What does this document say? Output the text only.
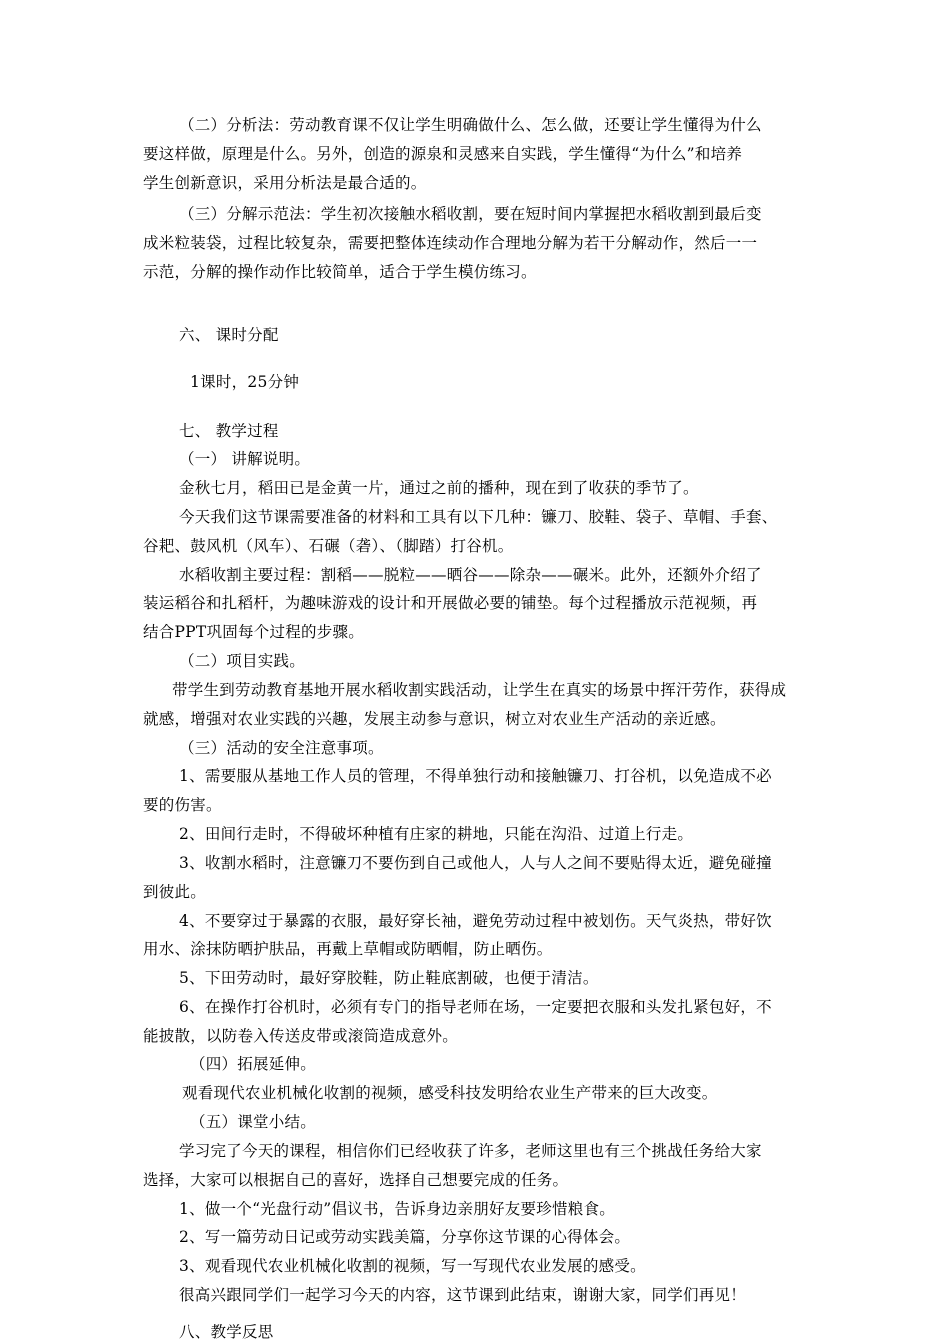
（二）分析法：劳动教育课不仅让学生明确做什么、怎么做，还要让学生懂得为什么
要这样做，原理是什么。另外，创造的源泉和灵感来自实践，学生懂得“为什么”和培养
学生创新意识，采用分析法是最合适的。
（三）分解示范法：学生初次接触水稻收割，要在短时间内掌握把水稻收割到最后变
成米粒装袋，过程比较复杂，需要把整体连续动作合理地分解为若干分解动作，然后一一
示范，分解的操作动作比较简单，适合于学生模仿练习。
六、 课时分配
1课时，25分钟
七、 教学过程
（一） 讲解说明。
金秋七月，稻田已是金黄一片，通过之前的播种，现在到了收获的季节了。
今天我们这节课需要准备的材料和工具有以下几种：镰刀、胶鞋、袋子、草帽、手套、
谷耙、鼓风机（风车）、石碾（砻）、（脚踏）打谷机。
水稻收割主要过程：割稻——脱粒——晒谷——除杂——碾米。此外，还额外介绍了
装运稻谷和扎稻杆，为趣味游戏的设计和开展做必要的铺垫。每个过程播放示范视频，再
结合PPT巩固每个过程的步骤。
（二）项目实践。
带学生到劳动教育基地开展水稻收割实践活动，让学生在真实的场景中挥汗劳作，获得成
就感，增强对农业实践的兴趣，发展主动参与意识，树立对农业生产活动的亲近感。
（三）活动的安全注意事项。
1、需要服从基地工作人员的管理，不得单独行动和接触镰刀、打谷机，以免造成不必
要的伤害。
2、田间行走时，不得破坏种植有庄家的耕地，只能在沟沿、过道上行走。
3、收割水稻时，注意镰刀不要伤到自己或他人，人与人之间不要贴得太近，避免碰撞
到彼此。
4、不要穿过于暴露的衣服，最好穿长袖，避免劳动过程中被划伤。天气炎热，带好饮
用水、涂抹防晒护肤品，再戴上草帽或防晒帽，防止晒伤。
5、下田劳动时，最好穿胶鞋，防止鞋底割破，也便于清洁。
6、在操作打谷机时，必须有专门的指导老师在场，一定要把衣服和头发扎紧包好，不
能披散，以防卷入传送皮带或滚筒造成意外。
（四）拓展延伸。
观看现代农业机械化收割的视频，感受科技发明给农业生产带来的巨大改变。
（五）课堂小结。
学习完了今天的课程，相信你们已经收获了许多，老师这里也有三个挑战任务给大家
选择，大家可以根据自己的喜好，选择自己想要完成的任务。
1、做一个“光盘行动”倡议书，告诉身边亲朋好友要珍惜粮食。
2、写一篇劳动日记或劳动实践美篇，分享你这节课的心得体会。
3、观看现代农业机械化收割的视频，写一写现代农业发展的感受。
很高兴跟同学们一起学习今天的内容，这节课到此结束，谢谢大家，同学们再见！
八、教学反思
